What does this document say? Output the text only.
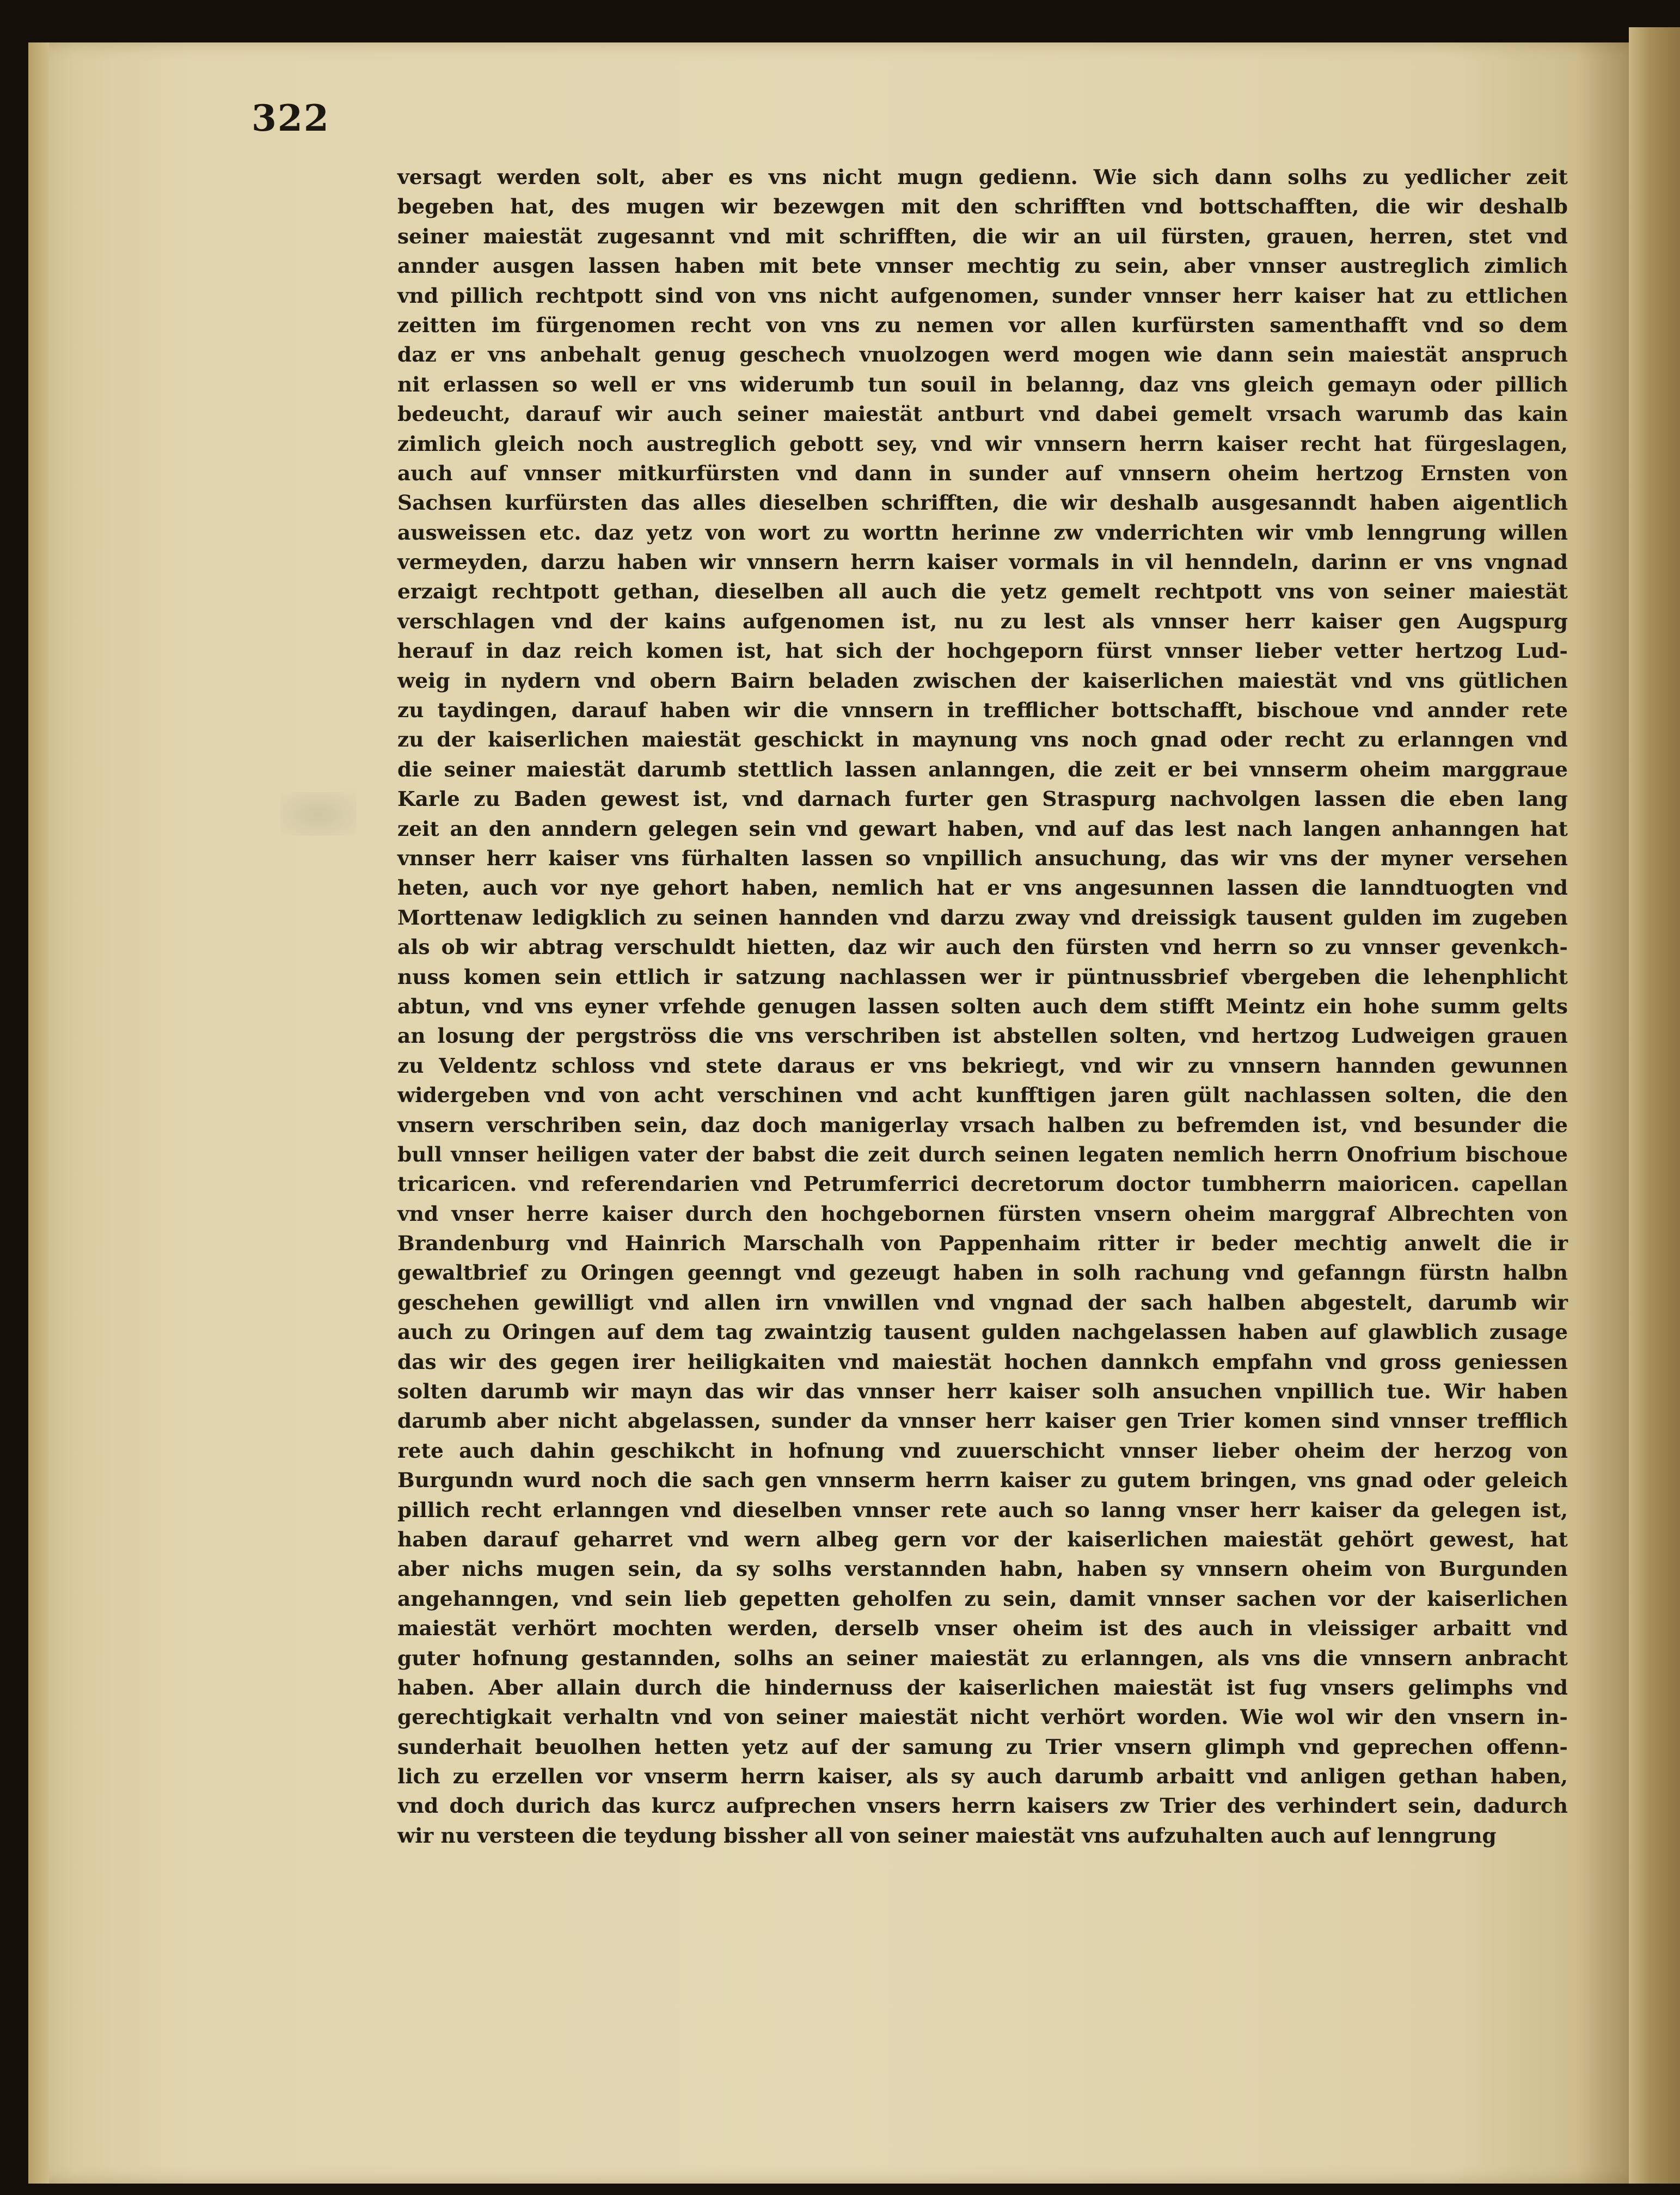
322
versagt werden solt, aber es vns nicht mugn gedienn. Wie sich dann solhs zu yedlicher zeit
begeben hat, des mugen wir bezewgen mit den schrifften vnd bottschafften, die wir deshalb
seiner maiestät zugesannt vnd mit schrifften, die wir an uil fürsten, grauen, herren, stet vnd
annder ausgen lassen haben mit bete vnnser mechtig zu sein, aber vnnser austreglich zimlich
vnd pillich rechtpott sind von vns nicht aufgenomen, sunder vnnser herr kaiser hat zu ettlichen
zeitten im fürgenomen recht von vns zu nemen vor allen kurfürsten samenthafft vnd so dem
daz er vns anbehalt genug geschech vnuolzogen werd mogen wie dann sein maiestät anspruch
nit erlassen so well er vns widerumb tun souil in belanng, daz vns gleich gemayn oder pillich
bedeucht, darauf wir auch seiner maiestät antburt vnd dabei gemelt vrsach warumb das kain
zimlich gleich noch austreglich gebott sey, vnd wir vnnsern herrn kaiser recht hat fürgeslagen,
auch auf vnnser mitkurfürsten vnd dann in sunder auf vnnsern oheim hertzog Ernsten von
Sachsen kurfürsten das alles dieselben schrifften, die wir deshalb ausgesanndt haben aigentlich
ausweissen etc. daz yetz von wort zu worttn herinne zw vnderrichten wir vmb lenngrung willen
vermeyden, darzu haben wir vnnsern herrn kaiser vormals in vil henndeln, darinn er vns vngnad
erzaigt rechtpott gethan, dieselben all auch die yetz gemelt rechtpott vns von seiner maiestät
verschlagen vnd der kains aufgenomen ist, nu zu lest als vnnser herr kaiser gen Augspurg
herauf in daz reich komen ist, hat sich der hochgeporn fürst vnnser lieber vetter hertzog Lud-
weig in nydern vnd obern Bairn beladen zwischen der kaiserlichen maiestät vnd vns gütlichen
zu taydingen, darauf haben wir die vnnsern in trefflicher bottschafft, bischoue vnd annder rete
zu der kaiserlichen maiestät geschickt in maynung vns noch gnad oder recht zu erlanngen vnd
die seiner maiestät darumb stettlich lassen anlanngen, die zeit er bei vnnserm oheim marggraue
Karle zu Baden gewest ist, vnd darnach furter gen Straspurg nachvolgen lassen die eben lang
zeit an den anndern gelegen sein vnd gewart haben, vnd auf das lest nach langen anhanngen hat
vnnser herr kaiser vns fürhalten lassen so vnpillich ansuchung, das wir vns der myner versehen
heten, auch vor nye gehort haben, nemlich hat er vns angesunnen lassen die lanndtuogten vnd
Morttenaw ledigklich zu seinen hannden vnd darzu zway vnd dreissigk tausent gulden im zugeben
als ob wir abtrag verschuldt hietten, daz wir auch den fürsten vnd herrn so zu vnnser gevenkch-
nuss komen sein ettlich ir satzung nachlassen wer ir püntnussbrief vbergeben die lehenphlicht
abtun, vnd vns eyner vrfehde genugen lassen solten auch dem stifft Meintz ein hohe summ gelts
an losung der pergströss die vns verschriben ist abstellen solten, vnd hertzog Ludweigen grauen
zu Veldentz schloss vnd stete daraus er vns bekriegt, vnd wir zu vnnsern hannden gewunnen
widergeben vnd von acht verschinen vnd acht kunfftigen jaren gült nachlassen solten, die den
vnsern verschriben sein, daz doch manigerlay vrsach halben zu befremden ist, vnd besunder die
bull vnnser heiligen vater der babst die zeit durch seinen legaten nemlich herrn Onofrium bischoue
tricaricen. vnd referendarien vnd Petrumferrici decretorum doctor tumbherrn maioricen. capellan
vnd vnser herre kaiser durch den hochgebornen fürsten vnsern oheim marggraf Albrechten von
Brandenburg vnd Hainrich Marschalh von Pappenhaim ritter ir beder mechtig anwelt die ir
gewaltbrief zu Oringen geenngt vnd gezeugt haben in solh rachung vnd gefanngn fürstn halbn
geschehen gewilligt vnd allen irn vnwillen vnd vngnad der sach halben abgestelt, darumb wir
auch zu Oringen auf dem tag zwaintzig tausent gulden nachgelassen haben auf glawblich zusage
das wir des gegen irer heiligkaiten vnd maiestät hochen dannkch empfahn vnd gross geniessen
solten darumb wir mayn das wir das vnnser herr kaiser solh ansuchen vnpillich tue. Wir haben
darumb aber nicht abgelassen, sunder da vnnser herr kaiser gen Trier komen sind vnnser trefflich
rete auch dahin geschikcht in hofnung vnd zuuerschicht vnnser lieber oheim der herzog von
Burgundn wurd noch die sach gen vnnserm herrn kaiser zu gutem bringen, vns gnad oder geleich
pillich recht erlanngen vnd dieselben vnnser rete auch so lanng vnser herr kaiser da gelegen ist,
haben darauf geharret vnd wern albeg gern vor der kaiserlichen maiestät gehört gewest, hat
aber nichs mugen sein, da sy solhs verstannden habn, haben sy vnnsern oheim von Burgunden
angehanngen, vnd sein lieb gepetten geholfen zu sein, damit vnnser sachen vor der kaiserlichen
maiestät verhört mochten werden, derselb vnser oheim ist des auch in vleissiger arbaitt vnd
guter hofnung gestannden, solhs an seiner maiestät zu erlanngen, als vns die vnnsern anbracht
haben. Aber allain durch die hindernuss der kaiserlichen maiestät ist fug vnsers gelimphs vnd
gerechtigkait verhaltn vnd von seiner maiestät nicht verhört worden. Wie wol wir den vnsern in-
sunderhait beuolhen hetten yetz auf der samung zu Trier vnsern glimph vnd geprechen offenn-
lich zu erzellen vor vnserm herrn kaiser, als sy auch darumb arbaitt vnd anligen gethan haben,
vnd doch durich das kurcz aufprechen vnsers herrn kaisers zw Trier des verhindert sein, dadurch
wir nu versteen die teydung bissher all von seiner maiestät vns aufzuhalten auch auf lenngrung
